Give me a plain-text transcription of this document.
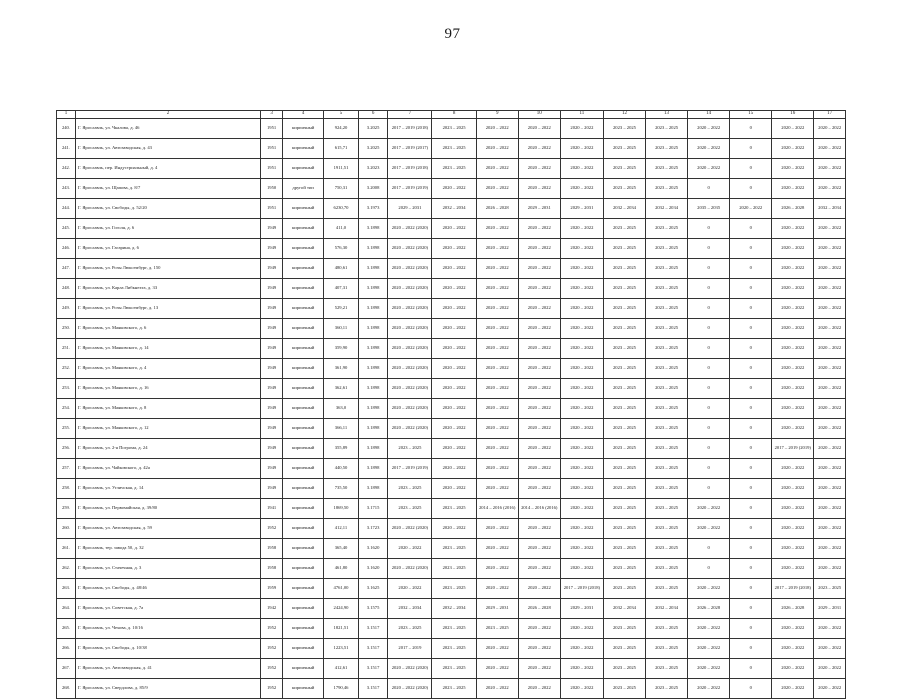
97
1	2	3	4	5	6	7	8	9	10	11	12	13	14	15	16	17
240.	Г. Ярославль, ул. Чкалова, д. 46	1951	кирпичный	924,20	3.2025	2017 – 2019 (2018)	2023 – 2025	2020 – 2022	2020 – 2022	2020 – 2022	2023 – 2025	2023 – 2025	2020 – 2022	0	2020 – 2022	2020 – 2022
241.	Г. Ярославль, ул. Автозаводская, д. 43	1951	кирпичный	615,71	3.2025	2017 – 2019 (2017)	2023 – 2025	2020 – 2022	2020 – 2022	2020 – 2022	2023 – 2025	2023 – 2025	2020 – 2022	0	2020 – 2022	2020 – 2022
242.	Г. Ярославль, пер. Индустриальный, д. 4	1951	кирпичный	1911,51	3.2023	2017 – 2019 (2018)	2023 – 2025	2020 – 2022	2020 – 2022	2020 – 2022	2023 – 2025	2023 – 2025	2020 – 2022	0	2020 – 2022	2020 – 2022
243.	Г. Ярославль, ул. Щапова, д. 8/7	1950	другой тип	750,31	3.2008	2017 – 2019 (2019)	2020 – 2022	2020 – 2022	2020 – 2022	2020 – 2022	2023 – 2025	2023 – 2025	0	0	2020 – 2022	2020 – 2022
244.	Г. Ярославль, ул. Свободы, д. 52/20	1951	кирпичный	6230,70	3.1973	2029 – 2031	2032 – 2034	2026 – 2028	2029 – 2031	2029 – 2031	2032 – 2034	2032 – 2034	2035 – 2035	2020 – 2022	2026 – 2028	2032 – 2034
245.	Г. Ярославль, ул. Гоголя, д. 6	1949	кирпичный	411,0	3.1898	2020 – 2022 (2020)	2020 – 2022	2020 – 2022	2020 – 2022	2020 – 2022	2023 – 2025	2023 – 2025	0	0	2020 – 2022	2020 – 2022
246.	Г. Ярославль, ул. Гагарина, д. 6	1949	кирпичный	576,30	3.1898	2020 – 2022 (2020)	2020 – 2022	2020 – 2022	2020 – 2022	2020 – 2022	2023 – 2025	2023 – 2025	0	0	2020 – 2022	2020 – 2022
247.	Г. Ярославль, ул. Розы Люксембург, д. 150	1949	кирпичный	480,61	3.1898	2020 – 2022 (2020)	2020 – 2022	2020 – 2022	2020 – 2022	2020 – 2022	2023 – 2025	2023 – 2025	0	0	2020 – 2022	2020 – 2022
248.	Г. Ярославль, ул. Карла Либкнехта, д. 33	1949	кирпичный	407,31	3.1898	2020 – 2022 (2020)	2020 – 2022	2020 – 2022	2020 – 2022	2020 – 2022	2023 – 2025	2023 – 2025	0	0	2020 – 2022	2020 – 2022
249.	Г. Ярославль, ул. Розы Люксембург, д. 13	1949	кирпичный	529,21	3.1898	2020 – 2022 (2020)	2020 – 2022	2020 – 2022	2020 – 2022	2020 – 2022	2023 – 2025	2023 – 2025	0	0	2020 – 2022	2020 – 2022
250.	Г. Ярославль, ул. Маяковского, д. 6	1949	кирпичный	360,11	3.1898	2020 – 2022 (2020)	2020 – 2022	2020 – 2022	2020 – 2022	2020 – 2022	2023 – 2025	2023 – 2025	0	0	2020 – 2022	2020 – 2022
251.	Г. Ярославль, ул. Маяковского, д. 14	1949	кирпичный	359,90	3.1898	2020 – 2022 (2020)	2020 – 2022	2020 – 2022	2020 – 2022	2020 – 2022	2023 – 2025	2023 – 2025	0	0	2020 – 2022	2020 – 2022
252.	Г. Ярославль, ул. Маяковского, д. 4	1949	кирпичный	361,90	3.1898	2020 – 2022 (2020)	2020 – 2022	2020 – 2022	2020 – 2022	2020 – 2022	2023 – 2025	2023 – 2025	0	0	2020 – 2022	2020 – 2022
253.	Г. Ярославль, ул. Маяковского, д. 16	1949	кирпичный	362,61	3.1898	2020 – 2022 (2020)	2020 – 2022	2020 – 2022	2020 – 2022	2020 – 2022	2023 – 2025	2023 – 2025	0	0	2020 – 2022	2020 – 2022
254.	Г. Ярославль, ул. Маяковского, д. 8	1949	кирпичный	363,0	3.1898	2020 – 2022 (2020)	2020 – 2022	2020 – 2022	2020 – 2022	2020 – 2022	2023 – 2025	2023 – 2025	0	0	2020 – 2022	2020 – 2022
255.	Г. Ярославль, ул. Маяковского, д. 12	1949	кирпичный	366,11	3.1898	2020 – 2022 (2020)	2020 – 2022	2020 – 2022	2020 – 2022	2020 – 2022	2023 – 2025	2023 – 2025	0	0	2020 – 2022	2020 – 2022
256.	Г. Ярославль, ул. 2-я Погрома, д. 24	1949	кирпичный	355,89	3.1898	2023 – 2025	2020 – 2022	2020 – 2022	2020 – 2022	2020 – 2022	2023 – 2025	2023 – 2025	0	0	2017 – 2019 (2019)	2020 – 2022
257.	Г. Ярославль, ул. Чайковского, д. 42а	1949	кирпичный	440,50	3.1898	2017 – 2019 (2019)	2020 – 2022	2020 – 2022	2020 – 2022	2020 – 2022	2023 – 2025	2023 – 2025	0	0	2020 – 2022	2020 – 2022
258.	Г. Ярославль, ул. Угличская, д. 14	1949	кирпичный	735,50	3.1898	2023 – 2025	2020 – 2022	2020 – 2022	2020 – 2022	2020 – 2022	2023 – 2025	2023 – 2025	0	0	2020 – 2022	2020 – 2022
259.	Г. Ярославль, ул. Первомайская, д. 39/80	1941	кирпичный	1869,50	3.1715	2023 – 2025	2023 – 2025	2014 – 2016 (2016)	2014 – 2016 (2016)	2020 – 2022	2023 – 2025	2023 – 2025	2020 – 2022	0	2020 – 2022	2020 – 2022
260.	Г. Ярославль, ул. Автозаводская, д. 59	1952	кирпичный	412,11	3.1723	2020 – 2022 (2020)	2020 – 2022	2020 – 2022	2020 – 2022	2020 – 2022	2023 – 2025	2023 – 2025	2020 – 2022	0	2020 – 2022	2020 – 2022
261.	Г. Ярославль, тер. завода 50, д. 32	1958	кирпичный	365,40	3.1620	2020 – 2022	2023 – 2025	2020 – 2022	2020 – 2022	2020 – 2022	2023 – 2025	2023 – 2025	0	0	2020 – 2022	2020 – 2022
262.	Г. Ярославль, ул. Стачечная, д. 3	1958	кирпичный	461,80	3.1620	2020 – 2022 (2020)	2023 – 2025	2020 – 2022	2020 – 2022	2020 – 2022	2023 – 2025	2023 – 2025	0	0	2020 – 2022	2020 – 2022
263.	Г. Ярославль, ул. Свободы, д. 48/46	1959	кирпичный	4761,00	3.1625	2020 – 2022	2023 – 2025	2020 – 2022	2020 – 2022	2017 – 2019 (2018)	2023 – 2025	2023 – 2025	2020 – 2022	0	2017 – 2019 (2018)	2023 – 2025
264.	Г. Ярославль, ул. Советская, д. 7а	1942	кирпичный	2424,90	3.1575	2032 – 2034	2032 – 2034	2029 – 2031	2026 – 2028	2029 – 2031	2032 – 2034	2032 – 2034	2026 – 2028	0	2026 – 2028	2029 – 2031
265.	Г. Ярославль, ул. Чехова, д. 10/16	1952	кирпичный	1821,51	3.1517	2023 – 2025	2023 – 2025	2023 – 2025	2020 – 2022	2020 – 2022	2023 – 2025	2023 – 2025	2020 – 2022	0	2020 – 2022	2020 – 2022
266.	Г. Ярославль, ул. Свободы, д. 10/38	1952	кирпичный	1223,51	3.1517	2017 – 2019	2023 – 2025	2020 – 2022	2020 – 2022	2020 – 2022	2023 – 2025	2023 – 2025	2020 – 2022	0	2020 – 2022	2020 – 2022
267.	Г. Ярославль, ул. Автозаводская, д. 41	1952	кирпичный	412,61	3.1517	2020 – 2022 (2020)	2023 – 2025	2020 – 2022	2020 – 2022	2020 – 2022	2023 – 2025	2023 – 2025	2020 – 2022	0	2020 – 2022	2020 – 2022
268.	Г. Ярославль, ул. Свердлова, д. 85/9	1952	кирпичный	1790,46	3.1517	2020 – 2022 (2020)	2023 – 2025	2020 – 2022	2020 – 2022	2020 – 2022	2023 – 2025	2023 – 2025	2020 – 2022	0	2020 – 2022	2020 – 2022
